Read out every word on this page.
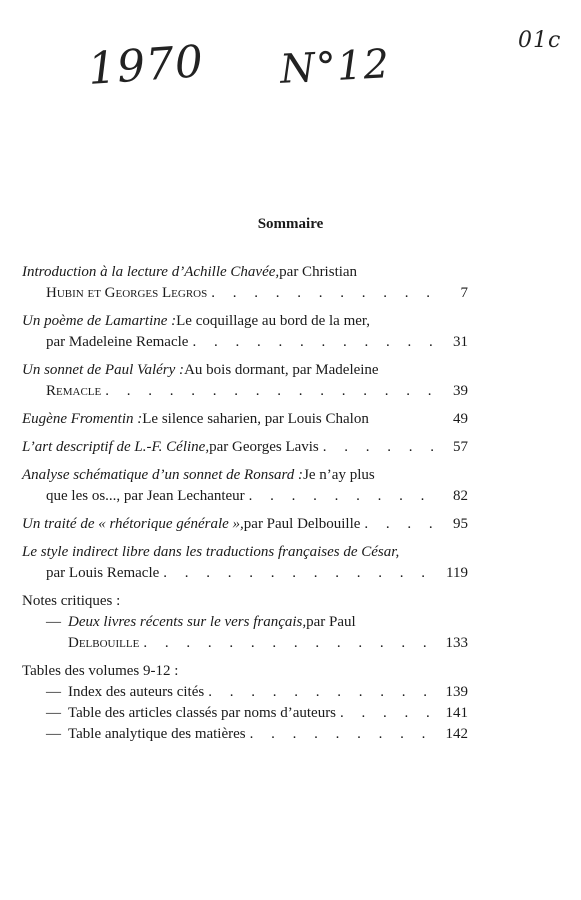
1970 N°12
01c
Sommaire
Introduction à la lecture d’Achille Chavée, par Christian
Hubin et Georges Legros . . .	7
Un poème de Lamartine : Le coquillage au bord de la mer,
par Madeleine Remacle . . .	31
Un sonnet de Paul Valéry : Au bois dormant, par Madeleine
Remacle . . .	39
Eugène Fromentin : Le silence saharien, par Louis Chalon	49
L’art descriptif de L.-F. Céline, par Georges Lavis . . .	57
Analyse schématique d’un sonnet de Ronsard : Je n’ay plus
que les os..., par Jean Lechanteur . . .	82
Un traité de « rhétorique générale », par Paul Delbouille . . .	95
Le style indirect libre dans les traductions françaises de César,
par Louis Remacle . . .	119
Notes critiques :
— Deux livres récents sur le vers français, par Paul
Delbouille . . .	133
Tables des volumes 9-12 :
— Index des auteurs cités . . .	139
— Table des articles classés par noms d’auteurs . . .	141
— Table analytique des matières . . .	142
